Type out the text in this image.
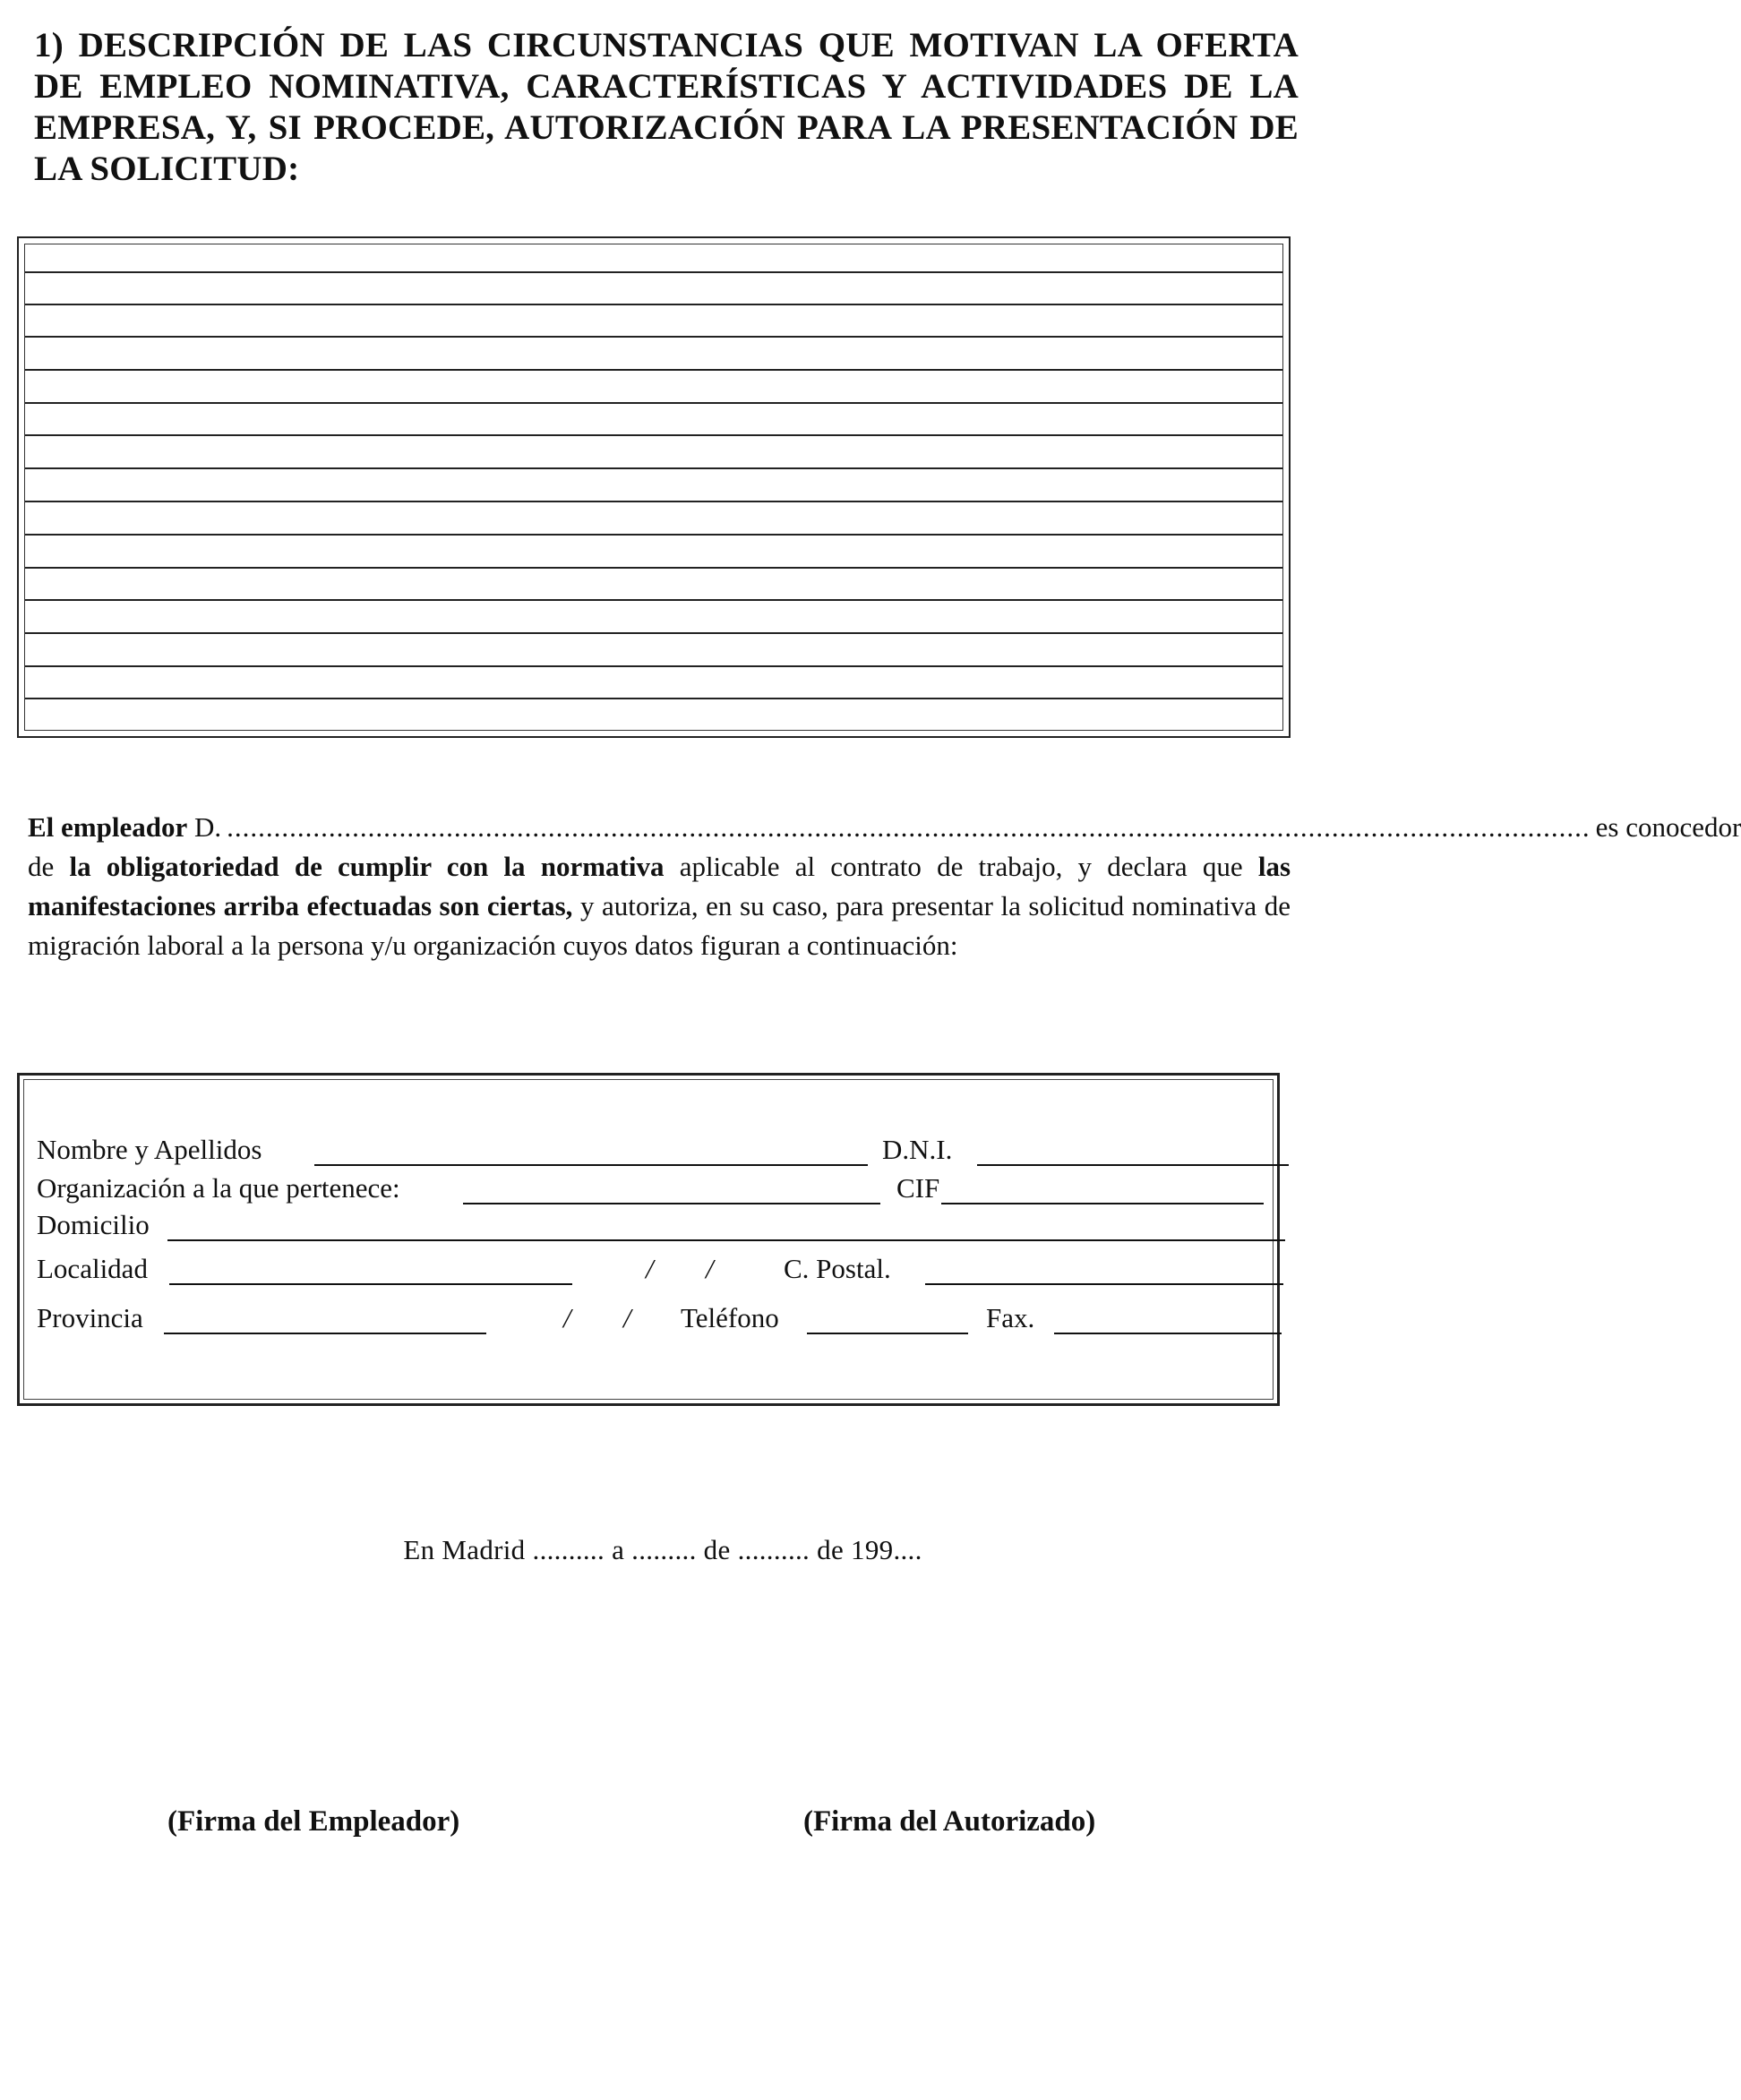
1) DESCRIPCIÓN DE LAS CIRCUNSTANCIAS QUE MOTIVAN LA OFERTA DE EMPLEO NOMINATIVA, CARACTERÍSTICAS Y ACTIVIDADES DE LA EMPRESA, Y, SI PROCEDE, AUTORIZACIÓN PARA LA PRESENTACIÓN DE LA SOLICITUD:
El empleador D. .............................................................................................................................................................................. es conocedor
de la obligatoriedad de cumplir con la normativa aplicable al contrato de trabajo, y declara que las manifestaciones arriba efectuadas son ciertas, y autoriza, en su caso, para presentar la solicitud nominativa de migración laboral a la persona y/u organización cuyos datos figuran a continuación:
Nombre y Apellidos	D.N.I.
Organización a la que pertenece:	CIF
Domicilio
Localidad	/ /	C. Postal.
Provincia	/ / Teléfono	Fax.
En Madrid .......... a ......... de .......... de 199....
(Firma del Empleador)	(Firma del Autorizado)
